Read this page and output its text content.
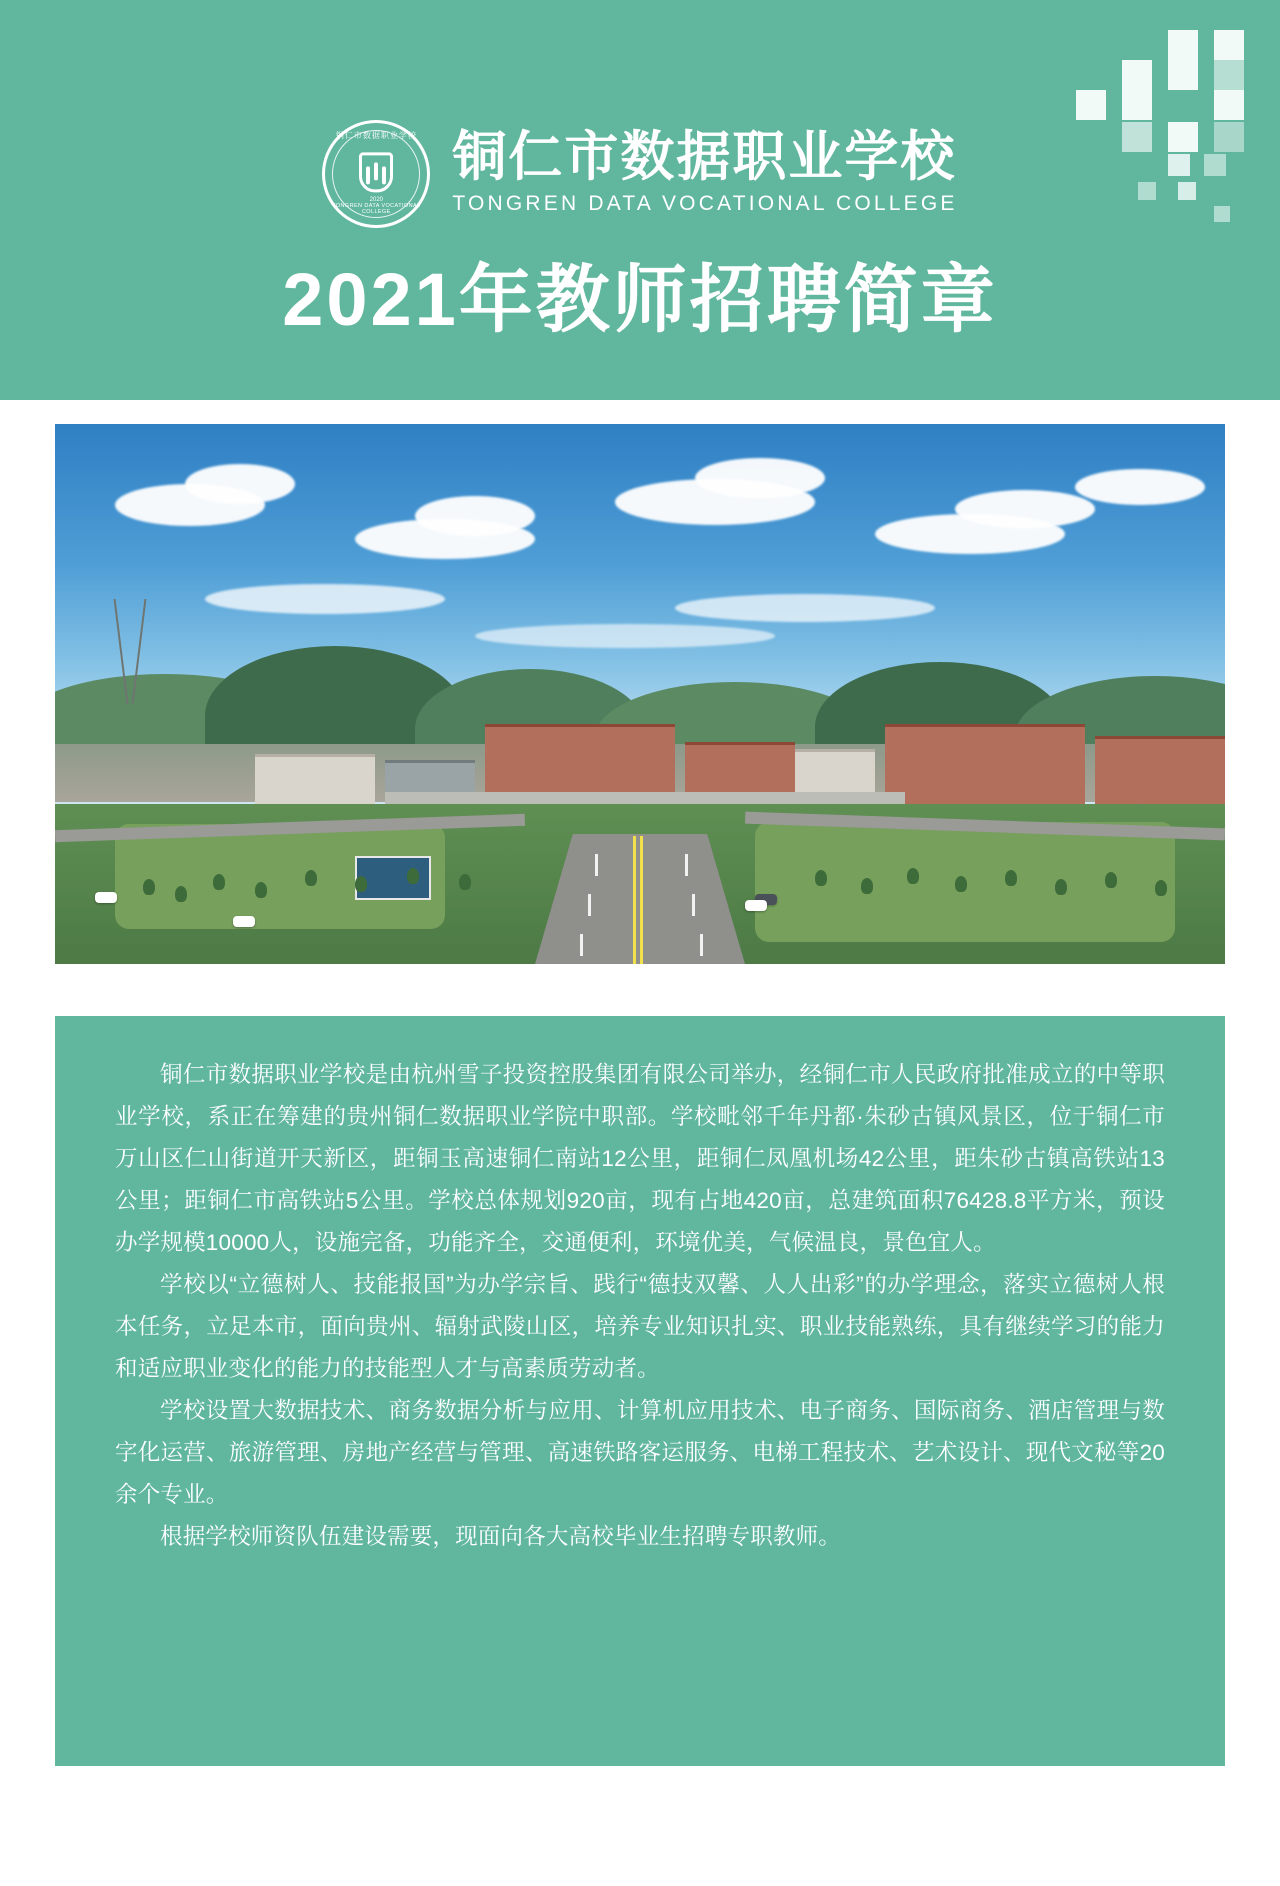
铜仁市数据职业学校
2020
TONGREN DATA VOCATIONAL COLLEGE
铜仁市数据职业学校
TONGREN DATA VOCATIONAL COLLEGE
2021年教师招聘简章

铜仁市数据职业学校是由杭州雪子投资控股集团有限公司举办，经铜仁市人民政府批准成立的中等职业学校，系正在筹建的贵州铜仁数据职业学院中职部。学校毗邻千年丹都·朱砂古镇风景区，位于铜仁市万山区仁山街道开天新区，距铜玉高速铜仁南站12公里，距铜仁凤凰机场42公里，距朱砂古镇高铁站13公里；距铜仁市高铁站5公里。学校总体规划920亩，现有占地420亩，总建筑面积76428.8平方米，预设办学规模10000人，设施完备，功能齐全，交通便利，环境优美，气候温良，景色宜人。

学校以“立德树人、技能报国”为办学宗旨、践行“德技双馨、人人出彩”的办学理念，落实立德树人根本任务，立足本市，面向贵州、辐射武陵山区，培养专业知识扎实、职业技能熟练，具有继续学习的能力和适应职业变化的能力的技能型人才与高素质劳动者。

学校设置大数据技术、商务数据分析与应用、计算机应用技术、电子商务、国际商务、酒店管理与数字化运营、旅游管理、房地产经营与管理、高速铁路客运服务、电梯工程技术、艺术设计、现代文秘等20余个专业。

根据学校师资队伍建设需要，现面向各大高校毕业生招聘专职教师。
